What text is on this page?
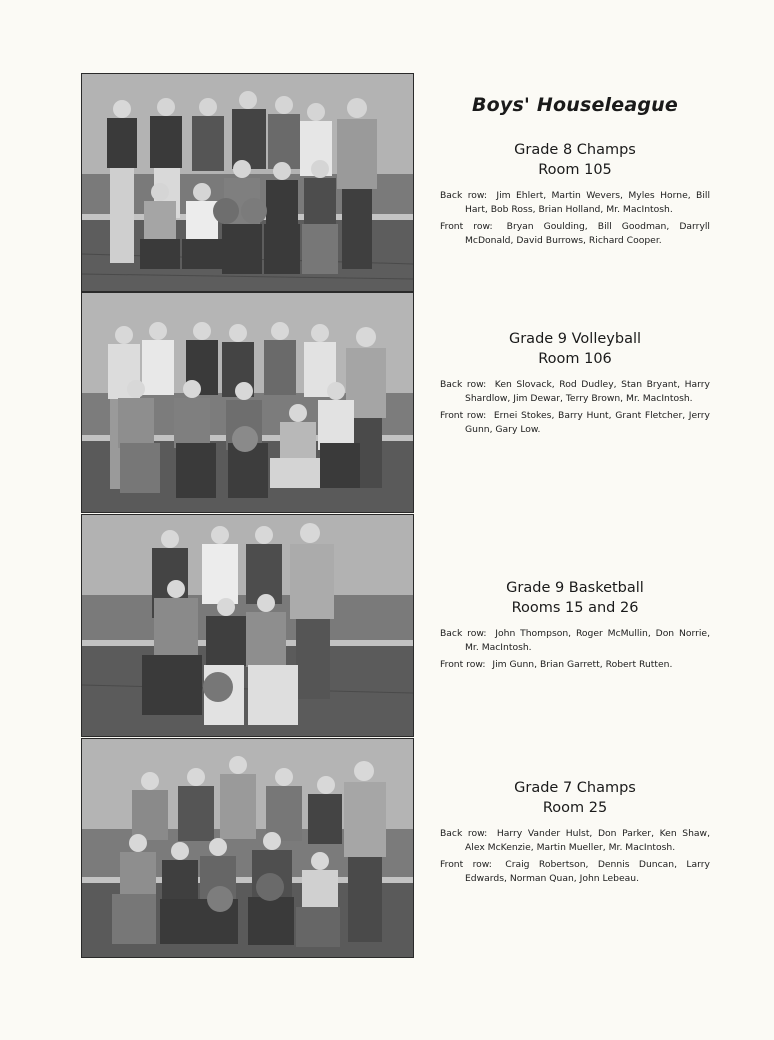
Boys' Houseleague
Grade 8 Champs
Room 105

Back row: Jim Ehlert, Martin Wevers, Myles Horne, Bill Hart, Bob Ross, Brian Holland, Mr. MacIntosh.

Front row: Bryan Goulding, Bill Goodman, Darryll McDonald, David Burrows, Richard Cooper.

Grade 9 Volleyball
Room 106

Back row: Ken Slovack, Rod Dudley, Stan Bryant, Harry Shardlow, Jim Dewar, Terry Brown, Mr. MacIntosh.

Front row: Ernei Stokes, Barry Hunt, Grant Fletcher, Jerry Gunn, Gary Low.

Grade 9 Basketball
Rooms 15 and 26

Back row: John Thompson, Roger McMullin, Don Norrie, Mr. MacIntosh.

Front row: Jim Gunn, Brian Garrett, Robert Rutten.

Grade 7 Champs
Room 25

Back row: Harry Vander Hulst, Don Parker, Ken Shaw, Alex McKenzie, Martin Mueller, Mr. MacIntosh.

Front row: Craig Robertson, Dennis Duncan, Larry Edwards, Norman Quan, John Lebeau.
